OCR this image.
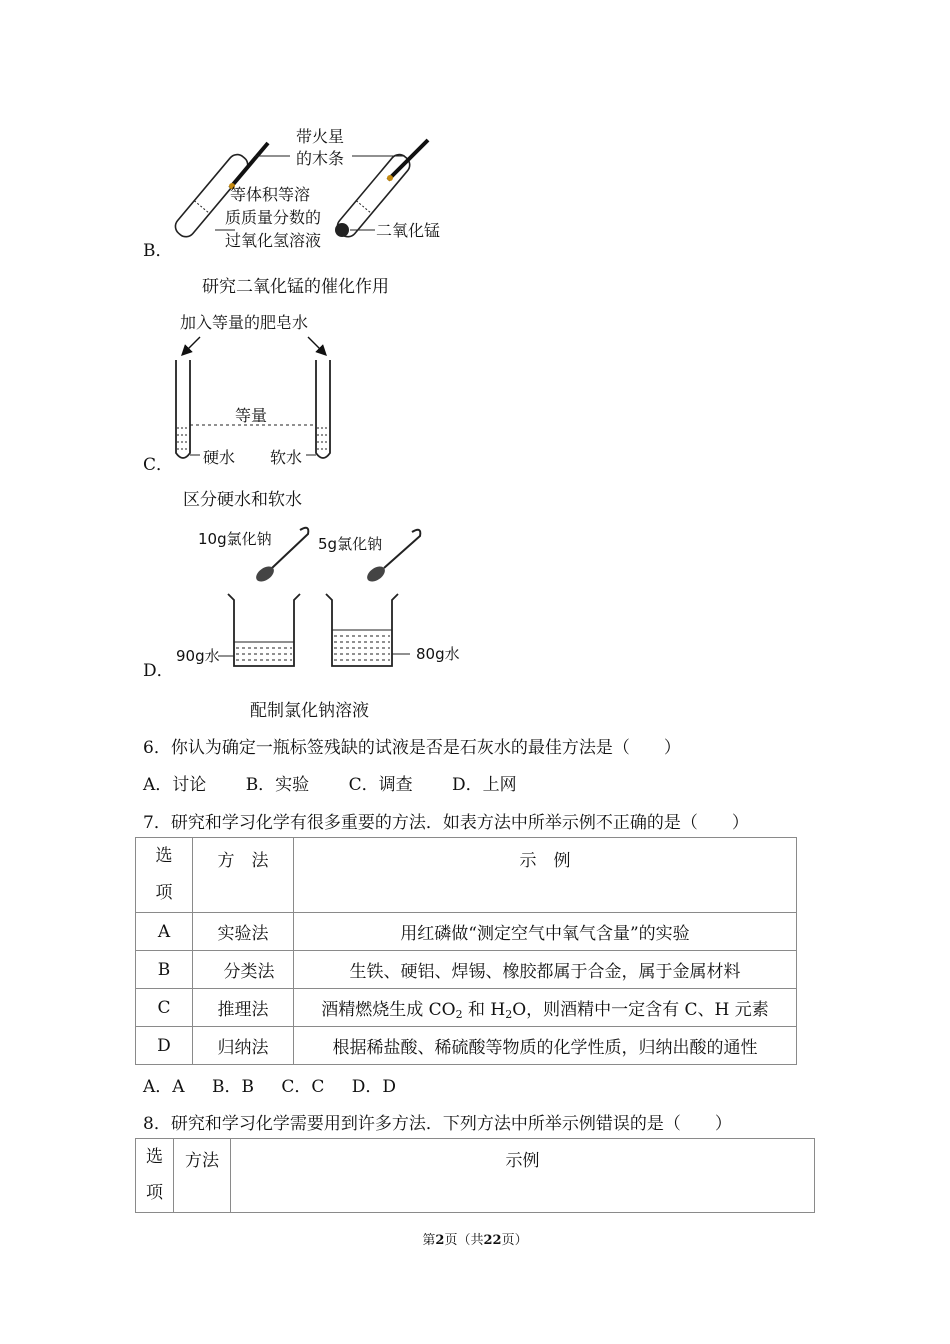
B．
带火星
的木条
等体积等溶
质质量分数的
过氧化氢溶液
二氧化锰
研究二氧化锰的催化作用
加入等量的肥皂水
等量
C． 硬水 软水
区分硬水和软水
10g氯化钠	5g氯化钠
90g水	80g水
D．
配制氯化钠溶液
6．你认为确定一瓶标签残缺的试液是否是石灰水的最佳方法是（　　）
A．讨论 B．实验 C．调查 D．上网
7．研究和学习化学有很多重要的方法．如表方法中所举示例不正确的是（　　）
选
项	方　法	示　例
A	实验法	用红磷做“测定空气中氧气含量”的实验
B	分类法	生铁、硬铝、焊锡、橡胶都属于合金，属于金属材料
C	推理法	酒精燃烧生成 $CO_2$ 和 $H_2O$，则酒精中一定含有 C、H 元素
D	归纳法	根据稀盐酸、稀硫酸等物质的化学性质，归纳出酸的通性
A．A B．B C．C D．D
8．研究和学习化学需要用到许多方法．下列方法中所举示例错误的是（　　）
选
项
	方法	示例
第2页（共22页）
